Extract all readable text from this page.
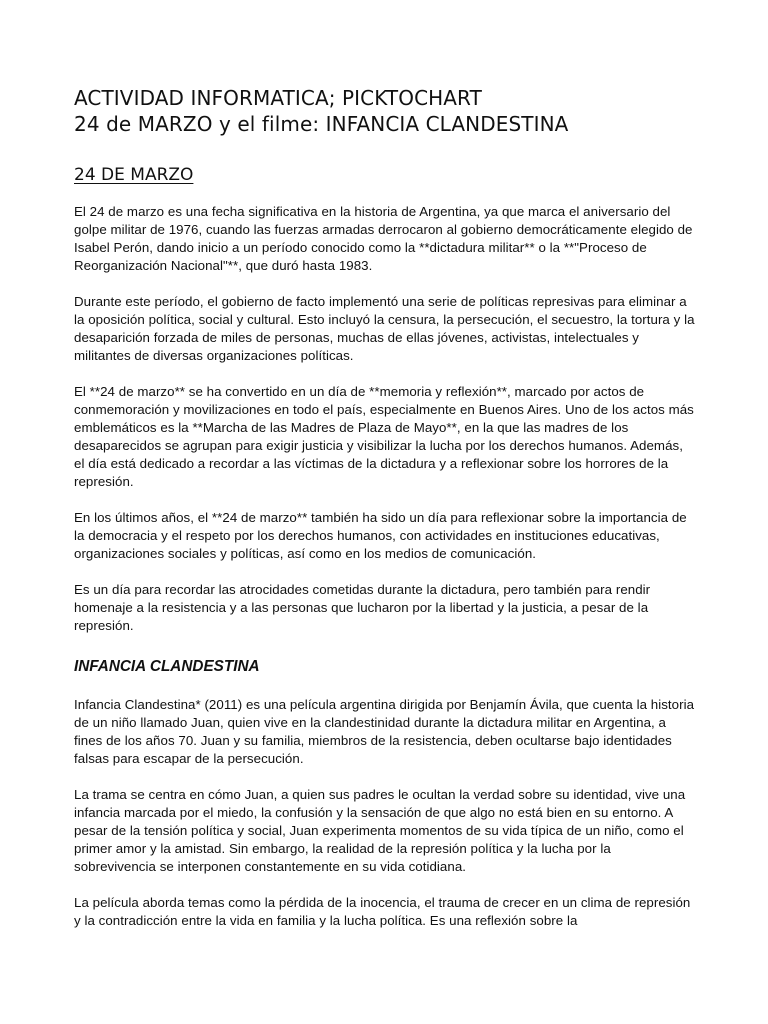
ACTIVIDAD INFORMATICA; PICKTOCHART
24 de MARZO y el filme: INFANCIA CLANDESTINA
24 DE MARZO

El 24 de marzo es una fecha significativa en la historia de Argentina, ya que marca el aniversario del golpe militar de 1976, cuando las fuerzas armadas derrocaron al gobierno democráticamente elegido de Isabel Perón, dando inicio a un período conocido como la **dictadura militar** o la **"Proceso de Reorganización Nacional"**, que duró hasta 1983.

Durante este período, el gobierno de facto implementó una serie de políticas represivas para eliminar a la oposición política, social y cultural. Esto incluyó la censura, la persecución, el secuestro, la tortura y la desaparición forzada de miles de personas, muchas de ellas jóvenes, activistas, intelectuales y militantes de diversas organizaciones políticas.

El **24 de marzo** se ha convertido en un día de **memoria y reflexión**, marcado por actos de conmemoración y movilizaciones en todo el país, especialmente en Buenos Aires. Uno de los actos más emblemáticos es la **Marcha de las Madres de Plaza de Mayo**, en la que las madres de los desaparecidos se agrupan para exigir justicia y visibilizar la lucha por los derechos humanos. Además, el día está dedicado a recordar a las víctimas de la dictadura y a reflexionar sobre los horrores de la represión.

En los últimos años, el **24 de marzo** también ha sido un día para reflexionar sobre la importancia de la democracia y el respeto por los derechos humanos, con actividades en instituciones educativas, organizaciones sociales y políticas, así como en los medios de comunicación.

Es un día para recordar las atrocidades cometidas durante la dictadura, pero también para rendir homenaje a la resistencia y a las personas que lucharon por la libertad y la justicia, a pesar de la represión.

INFANCIA CLANDESTINA

Infancia Clandestina* (2011) es una película argentina dirigida por Benjamín Ávila, que cuenta la historia de un niño llamado Juan, quien vive en la clandestinidad durante la dictadura militar en Argentina, a fines de los años 70. Juan y su familia, miembros de la resistencia, deben ocultarse bajo identidades falsas para escapar de la persecución.

La trama se centra en cómo Juan, a quien sus padres le ocultan la verdad sobre su identidad, vive una infancia marcada por el miedo, la confusión y la sensación de que algo no está bien en su entorno. A pesar de la tensión política y social, Juan experimenta momentos de su vida típica de un niño, como el primer amor y la amistad. Sin embargo, la realidad de la represión política y la lucha por la sobrevivencia se interponen constantemente en su vida cotidiana.

La película aborda temas como la pérdida de la inocencia, el trauma de crecer en un clima de represión y la contradicción entre la vida en familia y la lucha política. Es una reflexión sobre la
